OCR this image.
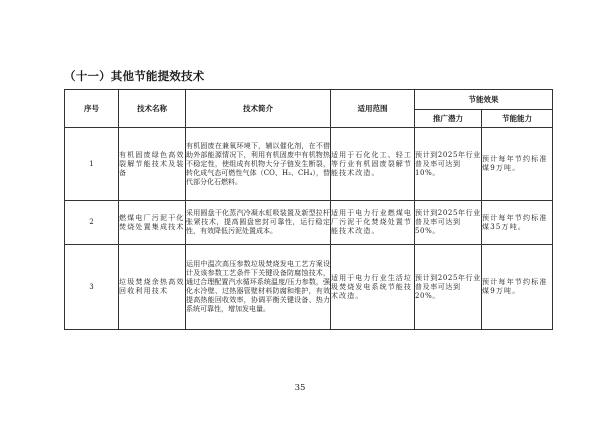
（十一）其他节能提效技术
序号	技术名称	技术简介	适用范围	节能效果	
				推广潜力	节能能力
1	有机固废绿色高效裂解节能技术及装备	有机固废在兼氧环境下，辅以催化剂，在不借助外部能源情况下，利用有机固废中有机物热不稳定性，使组成有机物大分子链发生断裂，转化成气态可燃性气体（CO、H₂、CH₄），替代部分化石燃料。	适用于石化化工、轻工等行业有机固废裂解节能技术改造。	预计到2025年行业普及率可达到10%。	预计每年节约标准煤9万吨。
2	燃煤电厂污泥干化焚烧处置集成技术	采用圆盘干化蒸汽冷凝水虹吸装置及新型拉杆张紧技术，提高圆盘密封可靠性，运行稳定性，有效降低污泥处置成本。	适用于电力行业燃煤电厂污泥干化焚烧处置节能技术改造。	预计到2025年行业普及率可达到50%。	预计每年节约标准煤35万吨。
3	垃圾焚烧余热高效回收利用技术	运用中温次高压参数垃圾焚烧发电工艺方案设计及该参数工艺条件下关键设备防腐蚀技术，通过合理配置汽水循环系统温度/压力参数，强化水冷壁、过热器管壁材料防腐和维护，有效提高热能回收效率，协调平衡关键设备、热力系统可靠性，增加发电量。	适用于电力行业生活垃圾焚烧发电系统节能技术改造。	预计到2025年行业普及率可达到20%。	预计每年节约标准煤9万吨。
35
